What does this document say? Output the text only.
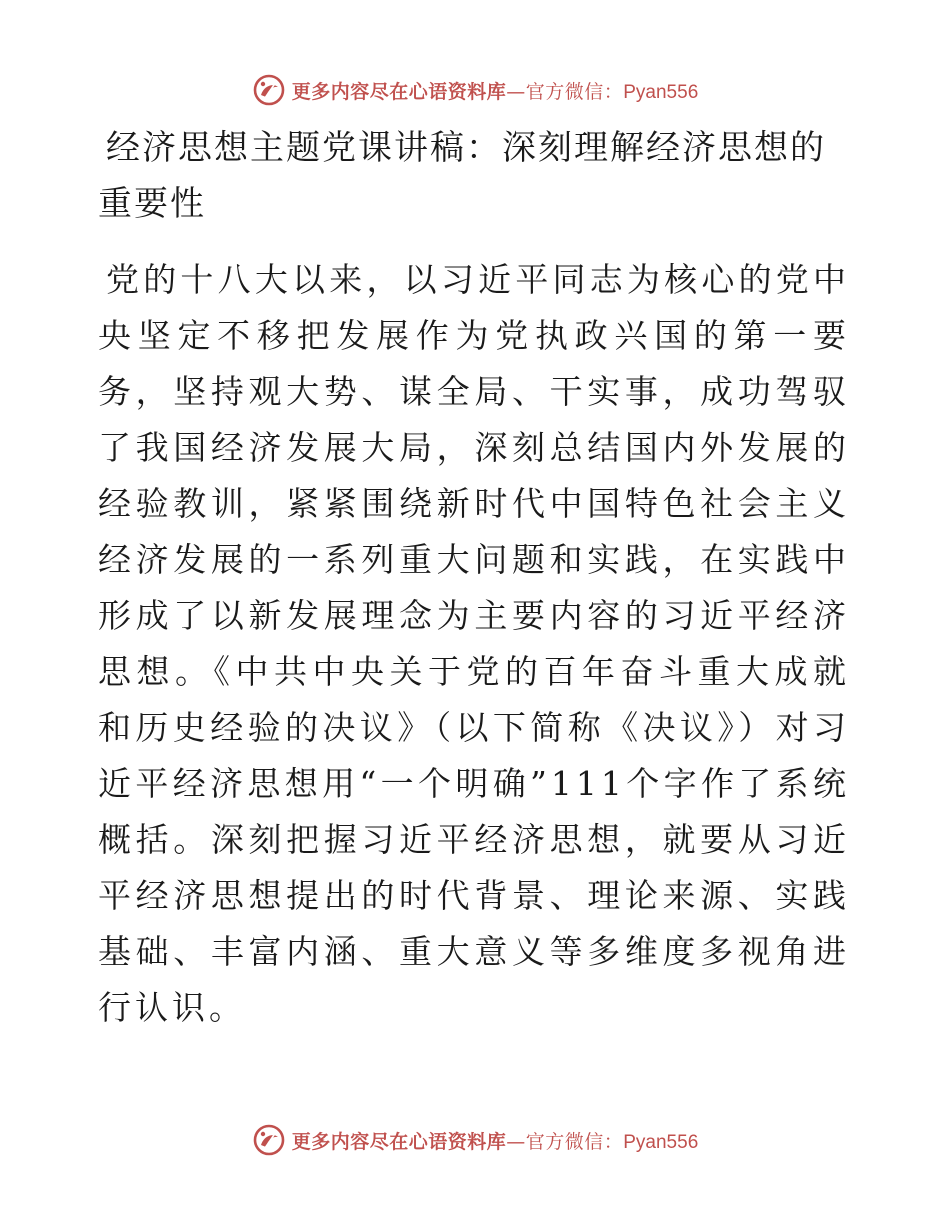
更多内容尽在心语资料库—官方微信：Pyan556
经济思想主题党课讲稿：深刻理解经济思想的重要性

党的十八大以来，以习近平同志为核心的党中央坚定不移把发展作为党执政兴国的第一要务，坚持观大势、谋全局、干实事，成功驾驭了我国经济发展大局，深刻总结国内外发展的经验教训，紧紧围绕新时代中国特色社会主义经济发展的一系列重大问题和实践，在实践中形成了以新发展理念为主要内容的习近平经济思想。《中共中央关于党的百年奋斗重大成就和历史经验的决议》（以下简称《决议》）对习近平经济思想用“一个明确”111个字作了系统概括。深刻把握习近平经济思想，就要从习近平经济思想提出的时代背景、理论来源、实践基础、丰富内涵、重大意义等多维度多视角进行认识。

更多内容尽在心语资料库—官方微信：Pyan556
